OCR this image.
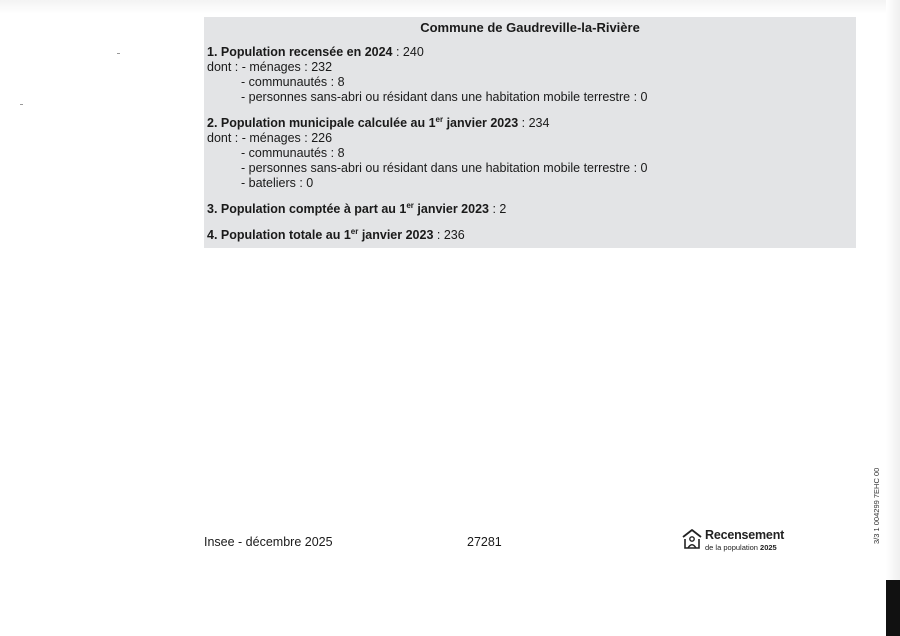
Commune de Gaudreville-la-Rivière
1. Population recensée en 2024 : 240
dont : - ménages : 232
- communautés : 8
- personnes sans-abri ou résidant dans une habitation mobile terrestre : 0
2. Population municipale calculée au 1er janvier 2023 : 234
dont : - ménages : 226
- communautés : 8
- personnes sans-abri ou résidant dans une habitation mobile terrestre : 0
- bateliers : 0
3. Population comptée à part au 1er janvier 2023 : 2
4. Population totale au 1er janvier 2023 : 236
Insee - décembre 2025	27281	Recensement
de la population 2025
3/3 1 004299 7EHC 00
